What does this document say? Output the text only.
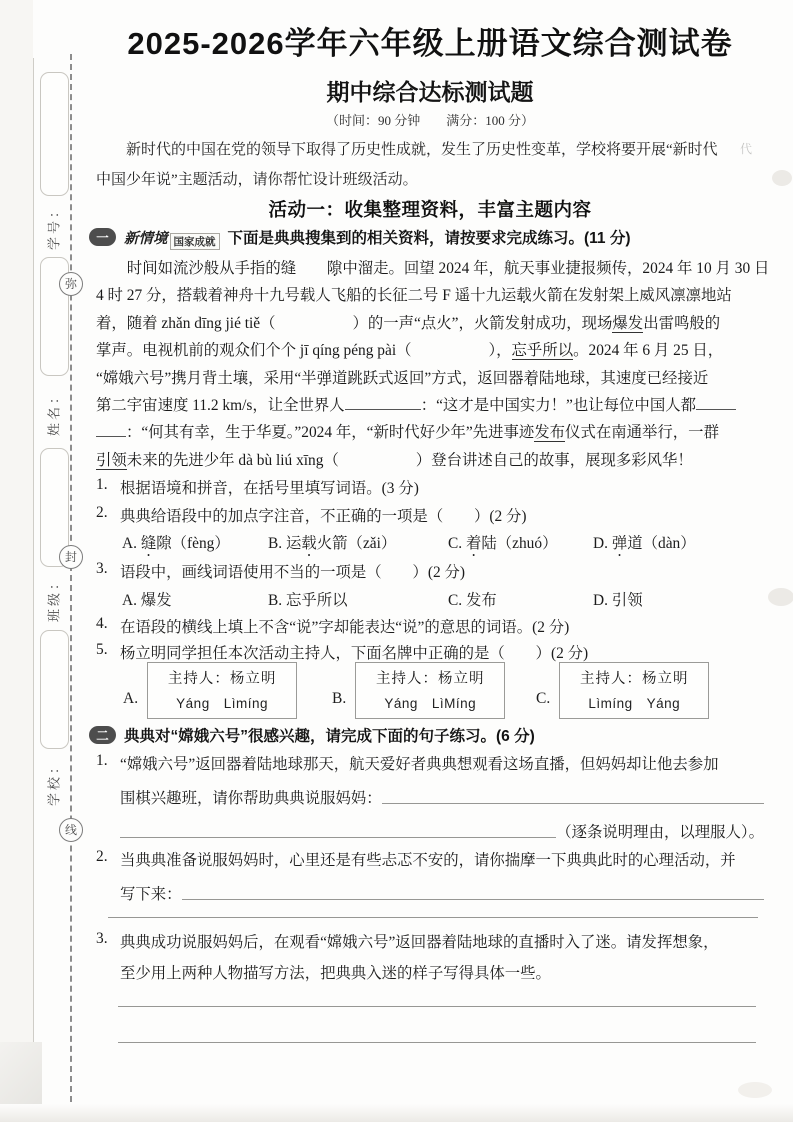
学号：
姓名：
班级：
学校：
弥
封
线
代
2025-2026学年六年级上册语文综合测试卷
期中综合达标测试题
（时间：90 分钟　　满分：100 分）
新时代的中国在党的领导下取得了历史性成就，发生了历史性变革，学校将要开展“新时代
中国少年说”主题活动，请你帮忙设计班级活动。
活动一：收集整理资料，丰富主题内容
一	新情境 国家成就 下面是典典搜集到的相关资料，请按要求完成练习。(11 分)
时间如流沙般从手指的缝 隙中溜走。回望 2024 年，航天事业捷报频传，2024 年 10 月 30 日
4 时 27 分，搭载着神舟十九号载人飞船的长征二号 F 遥十九运载火箭在发射架上威风凛凛地站
着，随着 zhǎn dīng jié tiě（　　　　　）的一声“点火”，火箭发射成功，现场爆发出雷鸣般的
掌声。电视机前的观众们个个 jī qíng péng pài（　　　　　），忘乎所以。2024 年 6 月 25 日，
“嫦娥六号”携月背土壤，采用“半弹道跳跃式返回”方式，返回器着陆地球，其速度已经接近
第二宇宙速度 11.2 km/s，让全世界人	：“这才是中国实力！”也让每位中国人都
：“何其有幸，生于华夏。”2024 年，“新时代好少年”先进事迹发布仪式在南通举行，一群
引领未来的先进少年 dà bù liú xīng（　　　　　）登台讲述自己的故事，展现多彩风华！
1. 根据语境和拼音，在括号里填写词语。(3 分)
2. 典典给语段中的加点字注音，不正确的一项是（　　）(2 分)
A. 缝隙（fèng）	B. 运载火箭（zǎi）	C. 着陆（zhuó）	D. 弹道（dàn）
3. 语段中，画线词语使用不当的一项是（　　）(2 分)
A. 爆发	B. 忘乎所以	C. 发布	D. 引领
4. 在语段的横线上填上不含“说”字却能表达“说”的意思的词语。(2 分)
5. 杨立明同学担任本次活动主持人，下面名牌中正确的是（　　）(2 分)
A.
主持人：杨立明
Yáng　Lìmíng	B.
主持人：杨立明
Yáng　LìMíng	C.
主持人：杨立明
Lìmíng　Yáng
二 典典对“嫦娥六号”很感兴趣，请完成下面的句子练习。(6 分)
1. “嫦娥六号”返回器着陆地球那天，航天爱好者典典想观看这场直播，但妈妈却让他去参加
围棋兴趣班，请你帮助典典说服妈妈：
（逐条说明理由，以理服人）。
2. 当典典准备说服妈妈时，心里还是有些忐忑不安的，请你揣摩一下典典此时的心理活动，并
写下来：
3. 典典成功说服妈妈后，在观看“嫦娥六号”返回器着陆地球的直播时入了迷。请发挥想象，
至少用上两种人物描写方法，把典典入迷的样子写得具体一些。
